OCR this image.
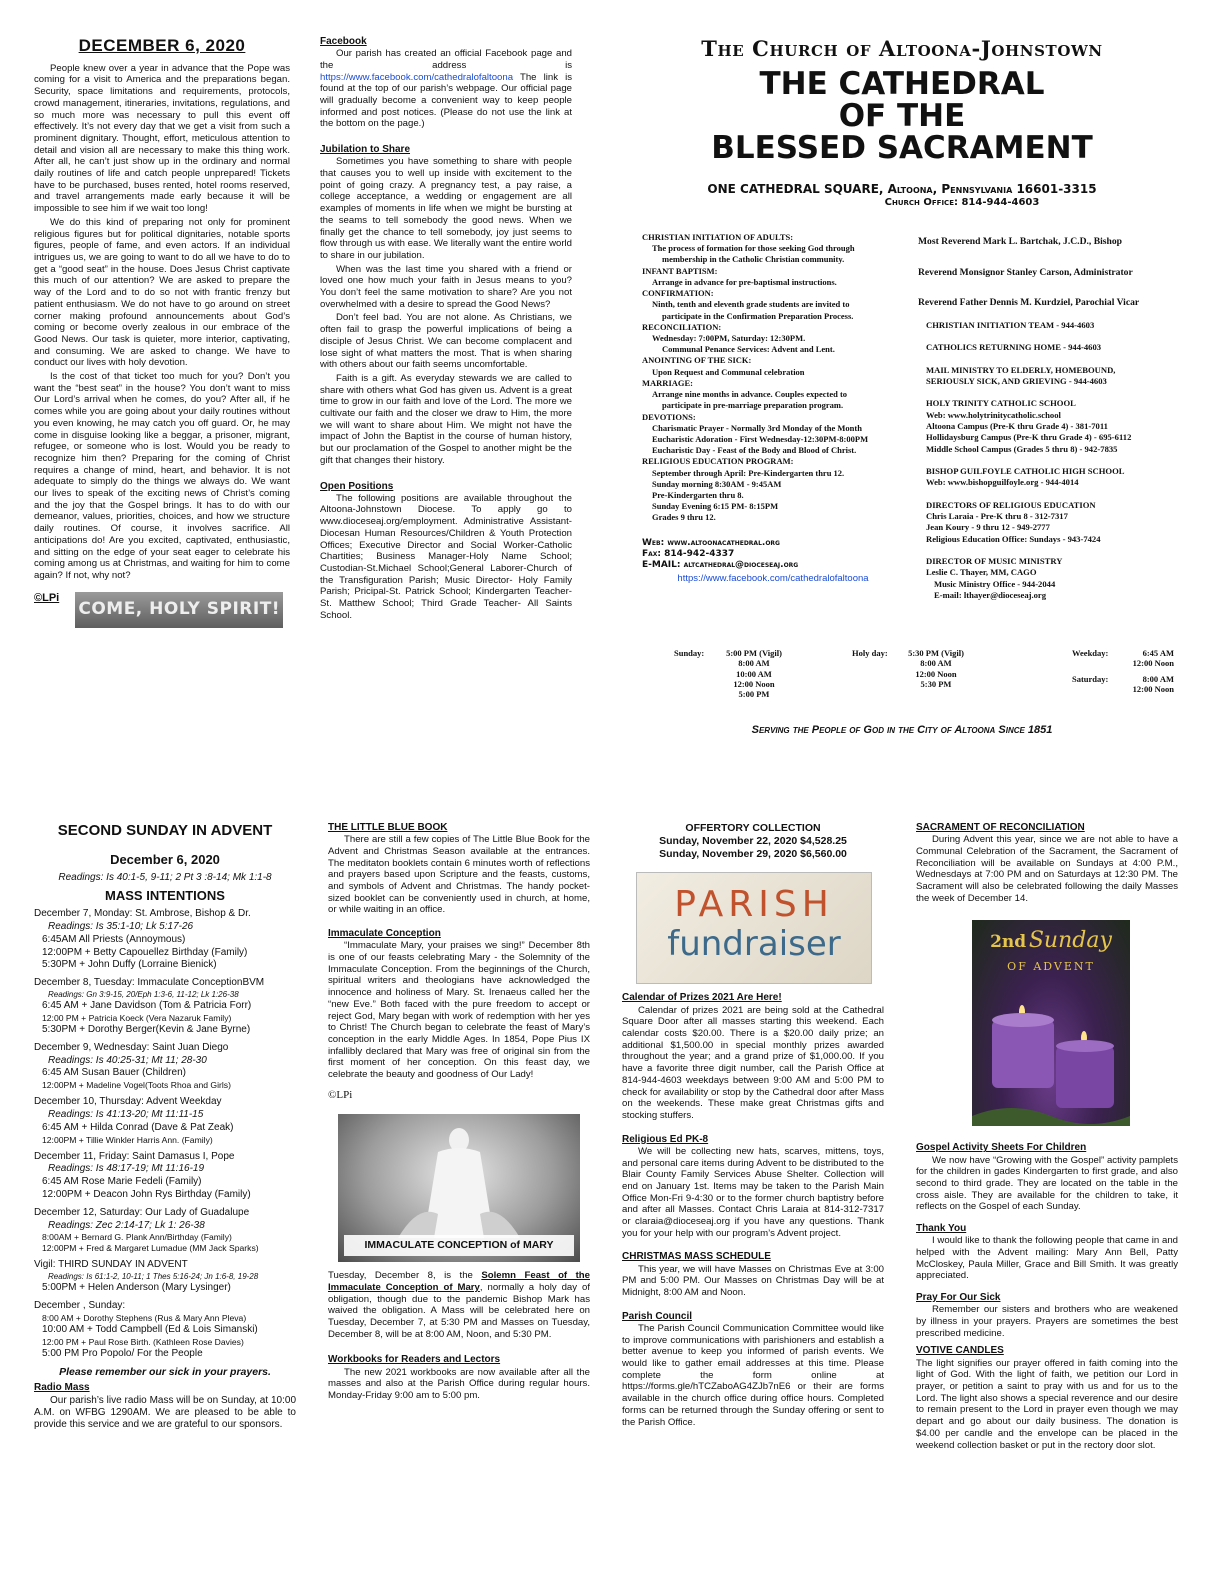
DECEMBER 6, 2020

People knew over a year in advance that the Pope was coming for a visit to America and the preparations began. Security, space limitations and requirements, protocols, crowd management, itineraries, invitations, regulations, and so much more was necessary to pull this event off effectively. It’s not every day that we get a visit from such a prominent dignitary. Thought, effort, meticulous attention to detail and vision all are necessary to make this thing work. After all, he can’t just show up in the ordinary and normal daily routines of life and catch people unprepared! Tickets have to be purchased, buses rented, hotel rooms reserved, and travel arrangements made early because it will be impossible to see him if we wait too long!

We do this kind of preparing not only for prominent religious figures but for political dignitaries, notable sports figures, people of fame, and even actors. If an individual intrigues us, we are going to want to do all we have to do to get a “good seat” in the house. Does Jesus Christ captivate this much of our attention? We are asked to prepare the way of the Lord and to do so not with frantic frenzy but patient enthusiasm. We do not have to go around on street corner making profound announcements about God’s coming or become overly zealous in our embrace of the Good News. Our task is quieter, more interior, captivating, and consuming. We are asked to change. We have to conduct our lives with holy devotion.

Is the cost of that ticket too much for you? Don’t you want the “best seat” in the house? You don’t want to miss Our Lord’s arrival when he comes, do you? After all, if he comes while you are going about your daily routines without you even knowing, he may catch you off guard. Or, he may come in disguise looking like a beggar, a prisoner, migrant, refugee, or someone who is lost. Would you be ready to recognize him then? Preparing for the coming of Christ requires a change of mind, heart, and behavior. It is not adequate to simply do the things we always do. We want our lives to speak of the exciting news of Christ’s coming and the joy that the Gospel brings. It has to do with our demeanor, values, priorities, choices, and how we structure daily routines. Of course, it involves sacrifice. All anticipations do! Are you excited, captivated, enthusiastic, and sitting on the edge of your seat eager to celebrate his coming among us at Christmas, and waiting for him to come again? If not, why not?

©LPi
COME, HOLY SPIRIT!
Facebook

Our parish has created an official Facebook page and the address is https://www.facebook.com/cathedralofaltoona The link is found at the top of our parish’s webpage. Our official page will gradually become a convenient way to keep people informed and post notices. (Please do not use the link at the bottom on the page.)

Jubilation to Share

Sometimes you have something to share with people that causes you to well up inside with excitement to the point of going crazy. A pregnancy test, a pay raise, a college acceptance, a wedding or engagement are all examples of moments in life when we might be bursting at the seams to tell somebody the good news. When we finally get the chance to tell somebody, joy just seems to flow through us with ease. We literally want the entire world to share in our jubilation.

When was the last time you shared with a friend or loved one how much your faith in Jesus means to you? You don’t feel the same motivation to share? Are you not overwhelmed with a desire to spread the Good News?

Don’t feel bad. You are not alone. As Christians, we often fail to grasp the powerful implications of being a disciple of Jesus Christ. We can become complacent and lose sight of what matters the most. That is when sharing with others about our faith seems uncomfortable.

Faith is a gift. As everyday stewards we are called to share with others what God has given us. Advent is a great time to grow in our faith and love of the Lord. The more we cultivate our faith and the closer we draw to Him, the more we will want to share about Him. We might not have the impact of John the Baptist in the course of human history, but our proclamation of the Gospel to another might be the gift that changes their history.

Open Positions

The following positions are available throughout the Altoona-Johnstown Diocese. To apply go to www.dioceseaj.org/employment. Administrative Assistant-Diocesan Human Resources/Children & Youth Protection Offices; Executive Director and Social Worker-Catholic Chartities; Business Manager-Holy Name School; Custodian-St.Michael School;General Laborer-Church of the Transfiguration Parish; Music Director- Holy Family Parish; Pricipal-St. Patrick School; Kindergarten Teacher-St. Matthew School; Third Grade Teacher- All Saints School.

The Church of Altoona-Johnstown
THE CATHEDRAL
OF THE
BLESSED SACRAMENT
ONE CATHEDRAL SQUARE, Altoona, Pennsylvania 16601-3315
Church Office: 814-944-4603
CHRISTIAN INITIATION OF ADULTS:
The process of formation for those seeking God through
membership in the Catholic Christian community.
INFANT BAPTISM:
Arrange in advance for pre-baptismal instructions.
CONFIRMATION:
Ninth, tenth and eleventh grade students are invited to
participate in the Confirmation Preparation Process.
RECONCILIATION:
Wednesday: 7:00PM, Saturday: 12:30PM.
Communal Penance Services: Advent and Lent.
ANOINTING OF THE SICK:
Upon Request and Communal celebration
MARRIAGE:
Arrange nine months in advance. Couples expected to
participate in pre-marriage preparation program.
DEVOTIONS:
Charismatic Prayer - Normally 3rd Monday of the Month
Eucharistic Adoration - First Wednesday-12:30PM-8:00PM
Eucharistic Day - Feast of the Body and Blood of Christ.
RELIGIOUS EDUCATION PROGRAM:
September through April: Pre-Kindergarten thru 12.
Sunday morning 8:30AM - 9:45AM
Pre-Kindergarten thru 8.
Sunday Evening 6:15 PM- 8:15PM
Grades 9 thru 12.
Web: www.altoonacathedral.org
Fax: 814-942-4337
E-MAIL: altcathedral@dioceseaj.org
https://www.facebook.com/cathedralofaltoona
Most Reverend Mark L. Bartchak, J.C.D., Bishop
Reverend Monsignor Stanley Carson, Administrator
Reverend Father Dennis M. Kurdziel, Parochial Vicar
CHRISTIAN INITIATION TEAM - 944-4603
CATHOLICS RETURNING HOME - 944-4603
MAIL MINISTRY TO ELDERLY, HOMEBOUND,
SERIOUSLY SICK, AND GRIEVING - 944-4603
HOLY TRINITY CATHOLIC SCHOOL
Web: www.holytrinitycatholic.school
Altoona Campus (Pre-K thru Grade 4) - 381-7011
Hollidaysburg Campus (Pre-K thru Grade 4) - 695-6112
Middle School Campus (Grades 5 thru 8) - 942-7835
BISHOP GUILFOYLE CATHOLIC HIGH SCHOOL
Web: www.bishopguilfoyle.org - 944-4014
DIRECTORS OF RELIGIOUS EDUCATION
Chris Laraia - Pre-K thru 8 - 312-7317
Jean Koury - 9 thru 12 - 949-2777
Religious Education Office: Sundays - 943-7424
DIRECTOR OF MUSIC MINISTRY
Leslie C. Thayer, MM, CAGO
Music Ministry Office - 944-2044
E-mail: lthayer@dioceseaj.org
Sunday:	5:00 PM (Vigil)
8:00 AM
10:00 AM
12:00 Noon
5:00 PM
Holy day:	5:30 PM (Vigil)
8:00 AM
12:00 Noon
5:30 PM
Weekday:	6:45 AM
12:00 Noon
Saturday:	8:00 AM
12:00 Noon
Serving the People of God in the City of Altoona Since 1851
SECOND SUNDAY IN ADVENT
December 6, 2020
Readings: Is 40:1-5, 9-11; 2 Pt 3 :8-14; Mk 1:1-8
MASS INTENTIONS
December 7, Monday: St. Ambrose, Bishop & Dr.
Readings: Is 35:1-10; Lk 5:17-26
6:45AM All Priests (Annoymous)
12:00PM + Betty Capouellez Birthday (Family)
5:30PM + John Duffy (Lorraine Bienick)
December 8, Tuesday: Immaculate ConceptionBVM
Readings: Gn 3:9-15, 20/Eph 1:3-6, 11-12; Lk 1:26-38
6:45 AM + Jane Davidson (Tom & Patricia Forr)
12:00 PM + Patricia Koeck (Vera Nazaruk Family)
5:30PM + Dorothy Berger(Kevin & Jane Byrne)
December 9, Wednesday: Saint Juan Diego
Readings: Is 40:25-31; Mt 11; 28-30
6:45 AM Susan Bauer (Children)
12:00PM + Madeline Vogel(Toots Rhoa and Girls)
December 10, Thursday: Advent Weekday
Readings: Is 41:13-20; Mt 11:11-15
6:45 AM + Hilda Conrad (Dave & Pat Zeak)
12:00PM + Tillie Winkler Harris Ann. (Family)
December 11, Friday: Saint Damasus I, Pope
Readings: Is 48:17-19; Mt 11:16-19
6:45 AM Rose Marie Fedeli (Family)
12:00PM + Deacon John Rys Birthday (Family)
December 12, Saturday: Our Lady of Guadalupe
Readings: Zec 2:14-17; Lk 1: 26-38
8:00AM + Bernard G. Plank Ann/Birthday (Family)
12:00PM + Fred & Margaret Lumadue (MM Jack Sparks)
Vigil: THIRD SUNDAY IN ADVENT
Readings: Is 61:1-2, 10-11; 1 Thes 5:16-24; Jn 1:6-8, 19-28
5:00PM + Helen Anderson (Mary Lysinger)
December , Sunday:
8:00 AM + Dorothy Stephens (Rus & Mary Ann Pleva)
10:00 AM + Todd Campbell (Ed & Lois Simanski)
12:00 PM + Paul Rose Birth. (Kathleen Rose Davies)
5:00 PM Pro Popolo/ For the People
Please remember our sick in your prayers.
Radio Mass

Our parish’s live radio Mass will be on Sunday, at 10:00 A.M. on WFBG 1290AM. We are pleased to be able to provide this service and we are grateful to our sponsors.

THE LITTLE BLUE BOOK

There are still a few copies of The Little Blue Book for the Advent and Christmas Season available at the entrances. The meditaton booklets contain 6 minutes worth of reflections and prayers based upon Scripture and the feasts, customs, and symbols of Advent and Christmas. The handy pocket-sized booklet can be conveniently used in church, at home, or while waiting in an office.

Immaculate Conception

“Immaculate Mary, your praises we sing!” December 8th is one of our feasts celebrating Mary - the Solemnity of the Immaculate Conception. From the beginnings of the Church, spiritual writers and theologians have acknowledged the innocence and holiness of Mary. St. Irenaeus called her the “new Eve.” Both faced with the pure freedom to accept or reject God, Mary began with work of redemption with her yes to Christ! The Church began to celebrate the feast of Mary’s conception in the early Middle Ages. In 1854, Pope Pius IX infallibly declared that Mary was free of original sin from the first moment of her conception. On this feast day, we celebrate the beauty and goodness of Our Lady!

©LPi
IMMACULATE CONCEPTION of MARY

Tuesday, December 8, is the Solemn Feast of the Immaculate Conception of Mary, normally a holy day of obligation, though due to the pandemic Bishop Mark has waived the obligation. A Mass will be celebrated here on Tuesday, December 7, at 5:30 PM and Masses on Tuesday, December 8, will be at 8:00 AM, Noon, and 5:30 PM.

Workbooks for Readers and Lectors

The new 2021 workbooks are now available after all the masses and also at the Parish Office during regular hours. Monday-Friday 9:00 am to 5:00 pm.

OFFERTORY COLLECTION
Sunday, November 22, 2020 $4,528.25
Sunday, November 29, 2020 $6,560.00
PARISH
fundraiser
Calendar of Prizes 2021 Are Here!

Calendar of prizes 2021 are being sold at the Cathedral Square Door after all masses starting this weekend. Each calendar costs $20.00. There is a $20.00 daily prize; an additional $1,500.00 in special monthly prizes awarded throughout the year; and a grand prize of $1,000.00. If you have a favorite three digit number, call the Parish Office at 814-944-4603 weekdays between 9:00 AM and 5:00 PM to check for availability or stop by the Cathedral door after Mass on the weekends. These make great Christmas gifts and stocking stuffers.

Religious Ed PK-8

We will be collecting new hats, scarves, mittens, toys, and personal care items during Advent to be distributed to the Blair County Family Services Abuse Shelter. Collection will end on January 1st. Items may be taken to the Parish Main Office Mon-Fri 9-4:30 or to the former church baptistry before and after all Masses. Contact Chris Laraia at 814-312-7317 or claraia@dioceseaj.org if you have any questions. Thank you for your help with our program’s Advent project.

CHRISTMAS MASS SCHEDULE

This year, we will have Masses on Christmas Eve at 3:00 PM and 5:00 PM. Our Masses on Christmas Day will be at Midnight, 8:00 AM and Noon.

Parish Council

The Parish Council Communication Committee would like to improve communications with parishioners and establish a better avenue to keep you informed of parish events. We would like to gather email addresses at this time. Please complete the form online at https://forms.gle/hTCZaboAG4ZJb7nE6 or their are forms available in the church office during office hours. Completed forms can be returned through the Sunday offering or sent to the Parish Office.

SACRAMENT OF RECONCILIATION

During Advent this year, since we are not able to have a Communal Celebration of the Sacrament, the Sacrament of Reconciliation will be available on Sundays at 4:00 P.M., Wednesdays at 7:00 PM and on Saturdays at 12:30 PM. The Sacrament will also be celebrated following the daily Masses the week of December 14.

2nd Sunday
OF ADVENT
Gospel Activity Sheets For Children

We now have “Growing with the Gospel” activity pamplets for the children in gades Kindergarten to first grade, and also second to third grade. They are located on the table in the cross aisle. They are available for the children to take, it reflects on the Gospel of each Sunday.

Thank You

I would like to thank the following people that came in and helped with the Advent mailing: Mary Ann Bell, Patty McCloskey, Paula Miller, Grace and Bill Smith. It was greatly appreciated.

Pray For Our Sick

Remember our sisters and brothers who are weakened by illness in your prayers. Prayers are sometimes the best prescribed medicine.

VOTIVE CANDLES

The light signifies our prayer offered in faith coming into the light of God. With the light of faith, we petition our Lord in prayer, or petition a saint to pray with us and for us to the Lord. The light also shows a special reverence and our desire to remain present to the Lord in prayer even though we may depart and go about our daily business. The donation is $4.00 per candle and the envelope can be placed in the weekend collection basket or put in the rectory door slot.
